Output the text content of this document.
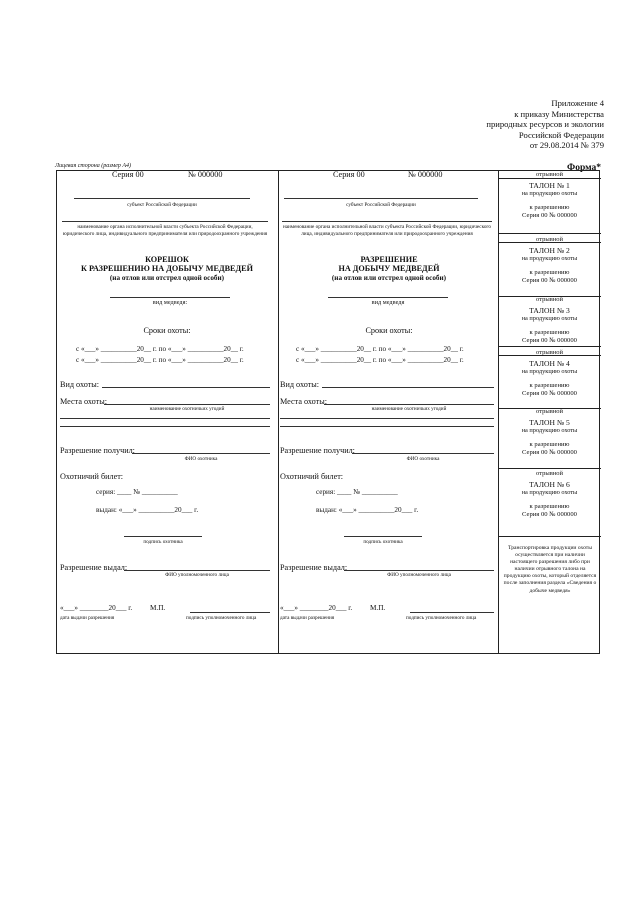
Приложение 4
к приказу Министерства
природных ресурсов и экологии
Российской Федерации
от 29.08.2014 № 379
Форма*
Лицевая сторона (размер А4)
Серия 00	№ 000000
субъект Российской Федерации
наименование органа исполнительной власти субъекта Российской Федерации, юридического лица, индивидуального предпринимателя или природоохранного учреждения
КОРЕШОК
К РАЗРЕШЕНИЮ НА ДОБЫЧУ МЕДВЕДЕЙ
(на отлов или отстрел одной особи)
вид медведя:
Сроки охоты:
с «___» __________20__ г. по «___» __________20__ г.
с «___» __________20__ г. по «___» __________20__ г.
Вид охоты:
Места охоты:
наименование охотничьих угодий
Разрешение получил:
ФИО охотника
Охотничий билет:
серия: ____ № __________
выдан: «___» __________20___ г.
подпись охотника
Разрешение выдал:
ФИО уполномоченного лица
«___» ________20___ г. М.П.
дата выдачи разрешения	подпись уполномоченного лица
Серия 00	№ 000000
субъект Российской Федерации
наименование органа исполнительной власти субъекта Российской Федерации, юридического лица, индивидуального предпринимателя или природоохранного учреждения
РАЗРЕШЕНИЕ
НА ДОБЫЧУ МЕДВЕДЕЙ
(на отлов или отстрел одной особи)
вид медведя
Сроки охоты:
с «___» __________20__ г. по «___» __________20__ г.
с «___» __________20__ г. по «___» __________20__ г.
Вид охоты:
Места охоты:
наименование охотничьих угодий
Разрешение получил:
ФИО охотника
Охотничий билет:
серия: ____ № __________
выдан: «___» __________20___ г.
подпись охотника
Разрешение выдал:
ФИО уполномоченного лица
«___» ________20___ г. М.П.
дата выдачи разрешения	подпись уполномоченного лица
отрывной
ТАЛОН № 1
на продукцию охоты
к разрешению
Серия 00 № 000000
отрывной
ТАЛОН № 2
на продукцию охоты
к разрешению
Серия 00 № 000000
отрывной
ТАЛОН № 3
на продукцию охоты
к разрешению
Серия 00 № 000000
отрывной
ТАЛОН № 4
на продукцию охоты
к разрешению
Серия 00 № 000000
отрывной
ТАЛОН № 5
на продукцию охоты
к разрешению
Серия 00 № 000000
отрывной
ТАЛОН № 6
на продукцию охоты
к разрешению
Серия 00 № 000000
Транспортировка продукции охоты осуществляется при наличии настоящего разрешения либо при наличии отрывного талона на продукцию охоты, который отделяется после заполнения раздела «Сведения о добыче медведя»
